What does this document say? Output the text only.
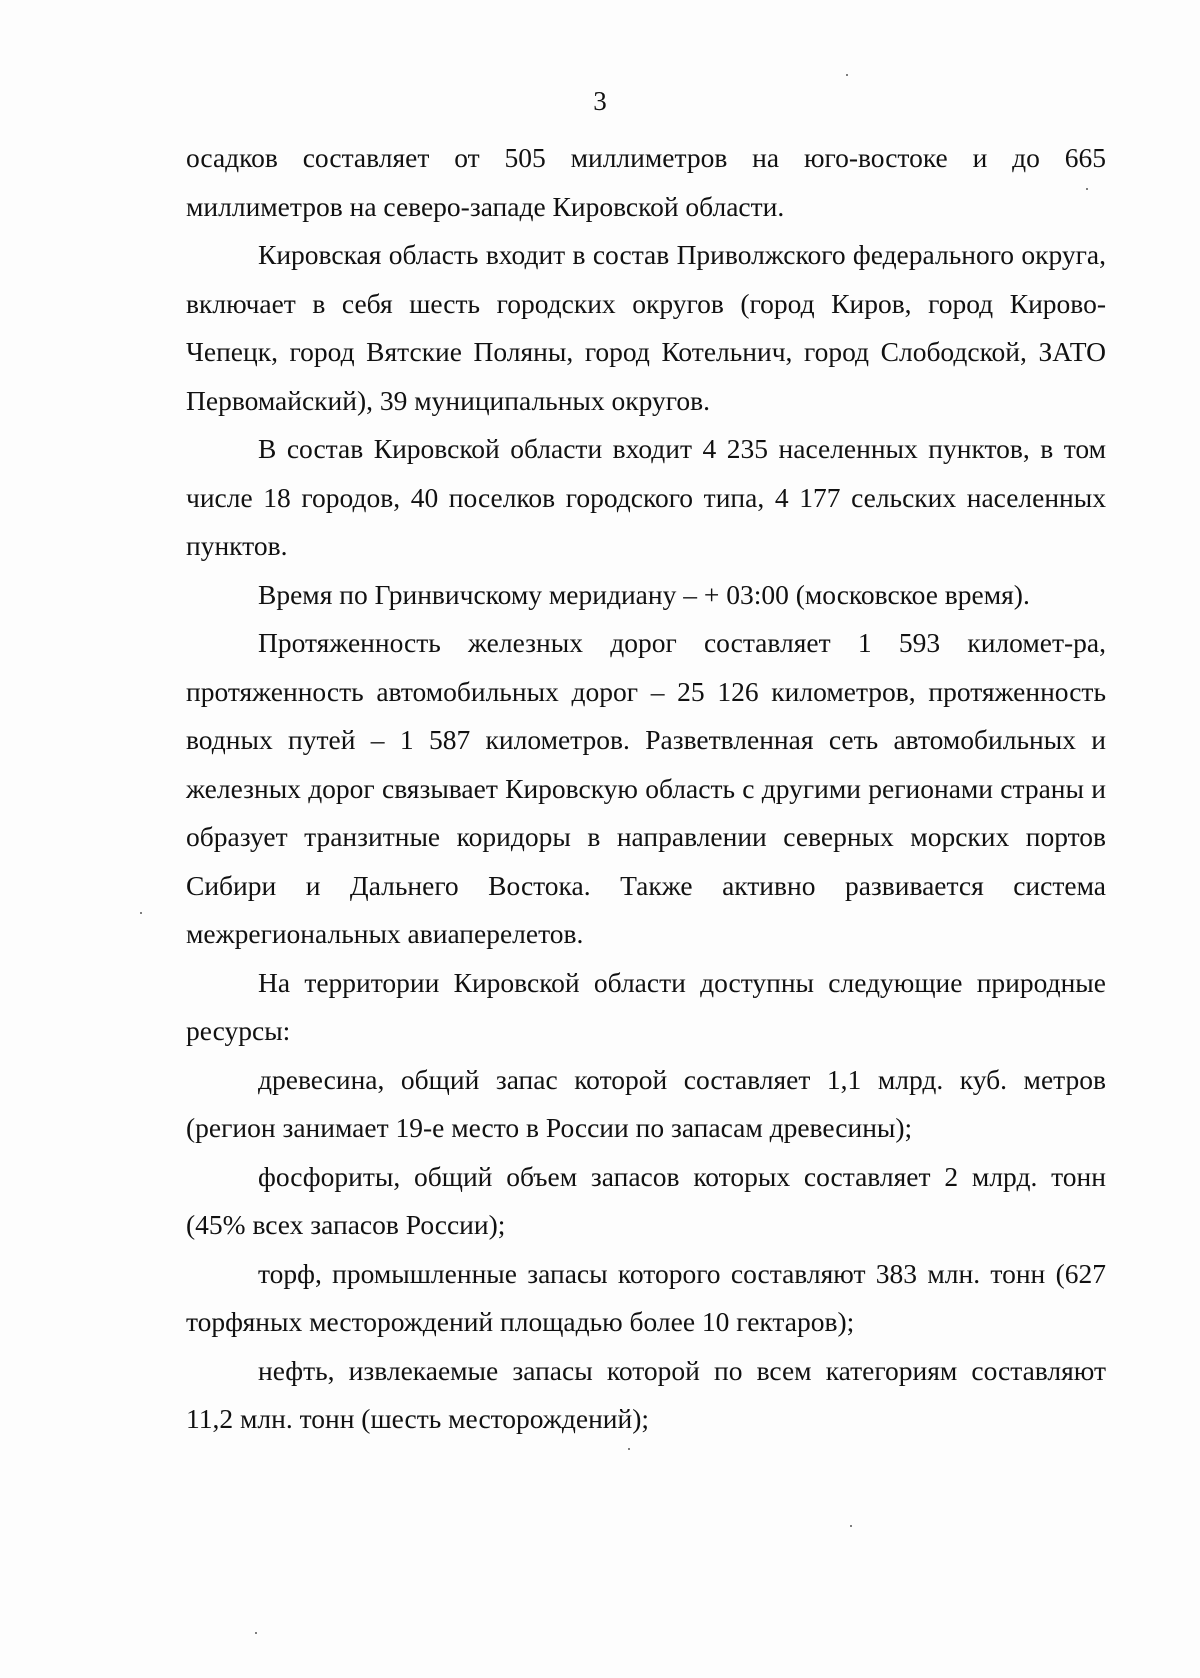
3

осадков составляет от 505 миллиметров на юго-востоке и до 665 миллиметров на северо-западе Кировской области.

Кировская область входит в состав Приволжского федерального округа, включает в себя шесть городских округов (город Киров, город Кирово-Чепецк, город Вятские Поляны, город Котельнич, город Слободской, ЗАТО Первомайский), 39 муниципальных округов.

В состав Кировской области входит 4 235 населенных пунктов, в том числе 18 городов, 40 поселков городского типа, 4 177 сельских населенных пунктов.

Время по Гринвичскому меридиану – + 03:00 (московское время).

Протяженность железных дорог составляет 1 593 километ-ра, протяженность автомобильных дорог – 25 126 километров, протяженность водных путей – 1 587 километров. Разветвленная сеть автомобильных и железных дорог связывает Кировскую область с другими регионами страны и образует транзитные коридоры в направлении северных морских портов Сибири и Дальнего Востока. Также активно развивается система межрегиональных авиаперелетов.

На территории Кировской области доступны следующие природные ресурсы:

древесина, общий запас которой составляет 1,1 млрд. куб. метров (регион занимает 19-е место в России по запасам древесины);

фосфориты, общий объем запасов которых составляет 2 млрд. тонн (45% всех запасов России);

торф, промышленные запасы которого составляют 383 млн. тонн (627 торфяных месторождений площадью более 10 гектаров);

нефть, извлекаемые запасы которой по всем категориям составляют 11,2 млн. тонн (шесть месторождений);
